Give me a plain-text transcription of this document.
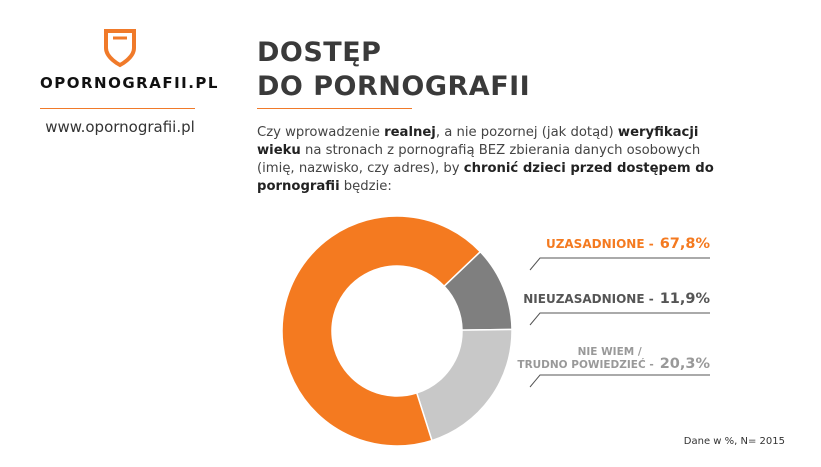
OPORNOGRAFII.PL
www.opornografii.pl
DOSTĘP
DO PORNOGRAFII
Czy wprowadzenie realnej, a nie pozornej (jak dotąd) weryfikacji wieku na stronach z pornografią BEZ zbierania danych osobowych (imię, nazwisko, czy adres), by chronić dzieci przed dostępem do pornografii będzie:
67,8%
UZASADNIONE -
11,9%
NIEUZASADNIONE -
20,3%
NIE WIEM /
TRUDNO POWIEDZIEĆ -
Dane w %, N= 2015
